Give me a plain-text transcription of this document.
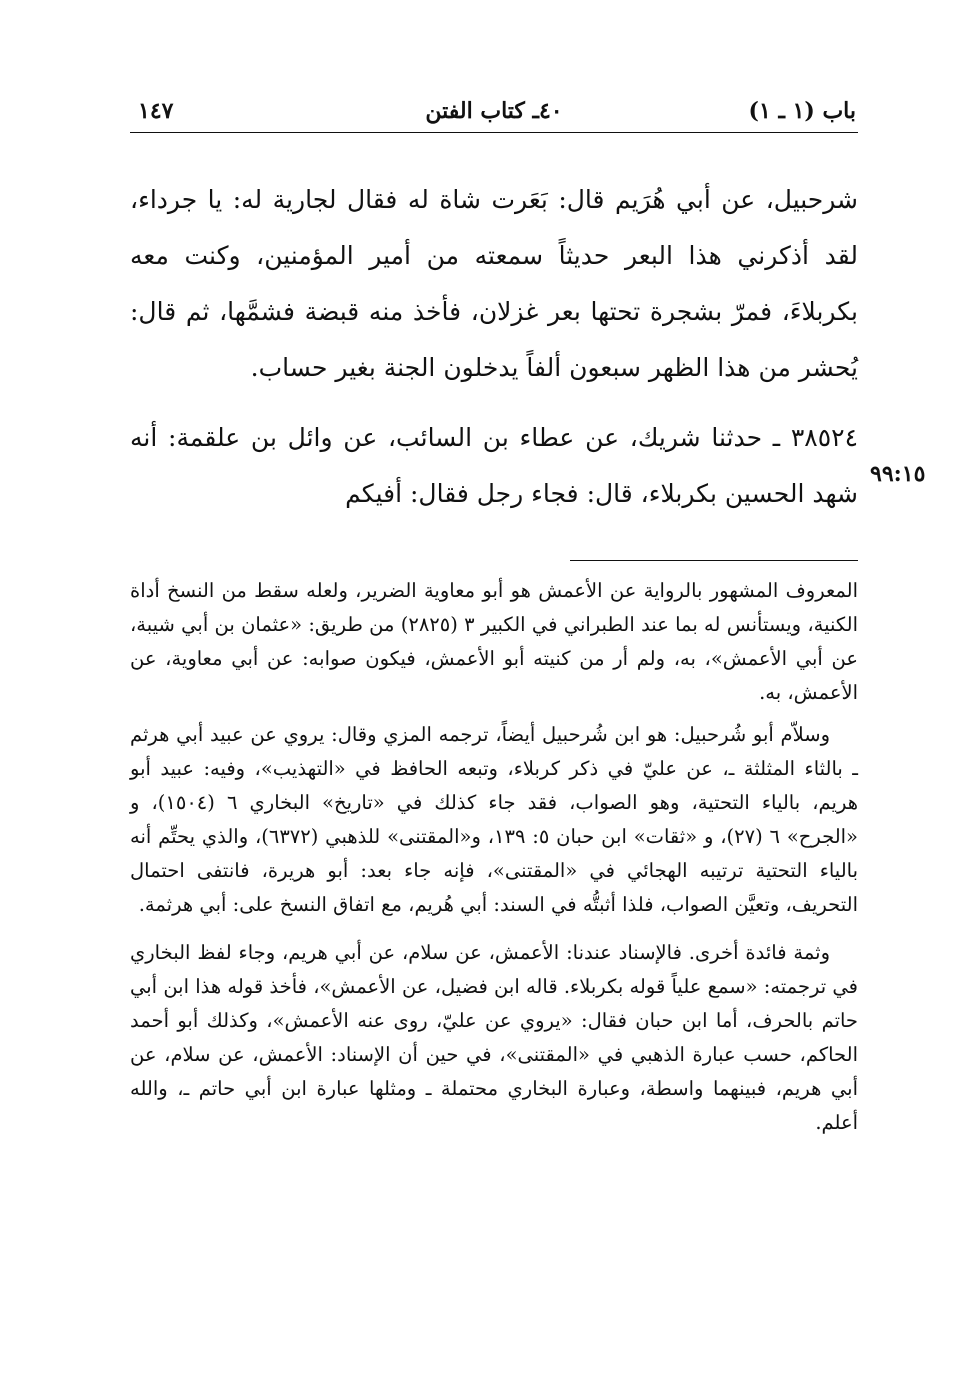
باب (١ ـ ١)
٤٠ـ كتاب الفتن
١٤٧

شرحبيل، عن أبي هُرَيم قال: بَعَرت شاة له فقال لجارية له: يا جرداء، لقد أذكرني هذا البعر حديثاً سمعته من أمير المؤمنين، وكنت معه بكربلاءَ، فمرّ بشجرة تحتها بعر غزلان، فأخذ منه قبضة فشمَّها، ثم قال: يُحشر من هذا الظهر سبعون ألفاً يدخلون الجنة بغير حساب.

٣٨٥٢٤ ـ حدثنا شريك، عن عطاء بن السائب، عن وائل بن علقمة: أنه شهد الحسين بكربلاء، قال: فجاء رجل فقال: أفيكم

٩٩:١٥

المعروف المشهور بالرواية عن الأعمش هو أبو معاوية الضرير، ولعله سقط من النسخ أداة الكنية، ويستأنس له بما عند الطبراني في الكبير ٣ (٢٨٢٥) من طريق: «عثمان بن أبي شيبة، عن أبي الأعمش»، به، ولم أر من كنيته أبو الأعمش، فيكون صوابه: عن أبي معاوية، عن الأعمش، به.

وسلاّم أبو شُرحبيل: هو ابن شُرحبيل أيضاً، ترجمه المزي وقال: يروي عن عبيد أبي هرثم ـ بالثاء المثلثة ـ، عن عليّ في ذكر كربلاء، وتبعه الحافظ في «التهذيب»، وفيه: عبيد أبو هريم، بالياء التحتية، وهو الصواب، فقد جاء كذلك في «تاريخ» البخاري ٦ (١٥٠٤)، و «الجرح» ٦ (٢٧)، و «ثقات» ابن حبان ٥: ١٣٩، و«المقتنى» للذهبي (٦٣٧٢)، والذي يحتِّم أنه بالياء التحتية ترتيبه الهجائي في «المقتنى»، فإنه جاء بعد: أبو هريرة، فانتفى احتمال التحريف، وتعيَّن الصواب، فلذا أثبتُّه في السند: أبي هُريم، مع اتفاق النسخ على: أبي هرثمة.

وثمة فائدة أخرى. فالإسناد عندنا: الأعمش، عن سلام، عن أبي هريم، وجاء لفظ البخاري في ترجمته: «سمع علياً قوله بكربلاء. قاله ابن فضيل، عن الأعمش»، فأخذ قوله هذا ابن أبي حاتم بالحرف، أما ابن حبان فقال: «يروي عن عليّ، روى عنه الأعمش»، وكذلك أبو أحمد الحاكم، حسب عبارة الذهبي في «المقتنى»، في حين أن الإسناد: الأعمش، عن سلام، عن أبي هريم، فبينهما واسطة، وعبارة البخاري محتملة ـ ومثلها عبارة ابن أبي حاتم ـ، والله أعلم.
